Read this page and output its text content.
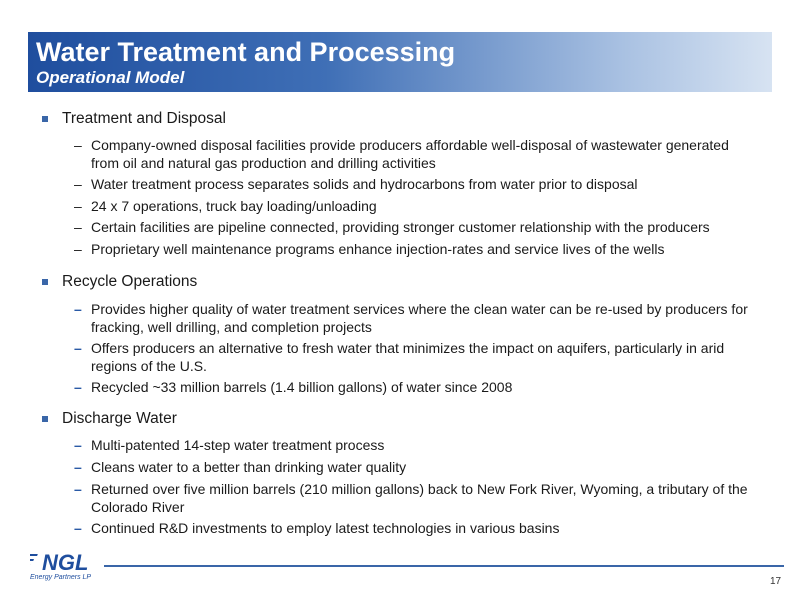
Water Treatment and Processing
Operational Model
Treatment and Disposal
– Company-owned disposal facilities provide producers affordable well-disposal of wastewater generated from oil and natural gas production and drilling activities
– Water treatment process separates solids and hydrocarbons from water prior to disposal
– 24 x 7 operations, truck bay loading/unloading
– Certain facilities are pipeline connected, providing stronger customer relationship with the producers
– Proprietary well maintenance programs enhance injection-rates and service lives of the wells
Recycle Operations
– Provides higher quality of water treatment services where the clean water can be re-used by producers for fracking, well drilling, and completion projects
– Offers producers an alternative to fresh water that minimizes the impact on aquifers, particularly in arid regions of the U.S.
– Recycled ~33 million barrels (1.4 billion gallons) of water since 2008
Discharge Water
– Multi-patented 14-step water treatment process
– Cleans water to a better than drinking water quality
– Returned over five million barrels (210 million gallons) back to New Fork River, Wyoming, a tributary of the Colorado River
– Continued R&D investments to employ latest technologies in various basins
NGL
Energy Partners LP	17
